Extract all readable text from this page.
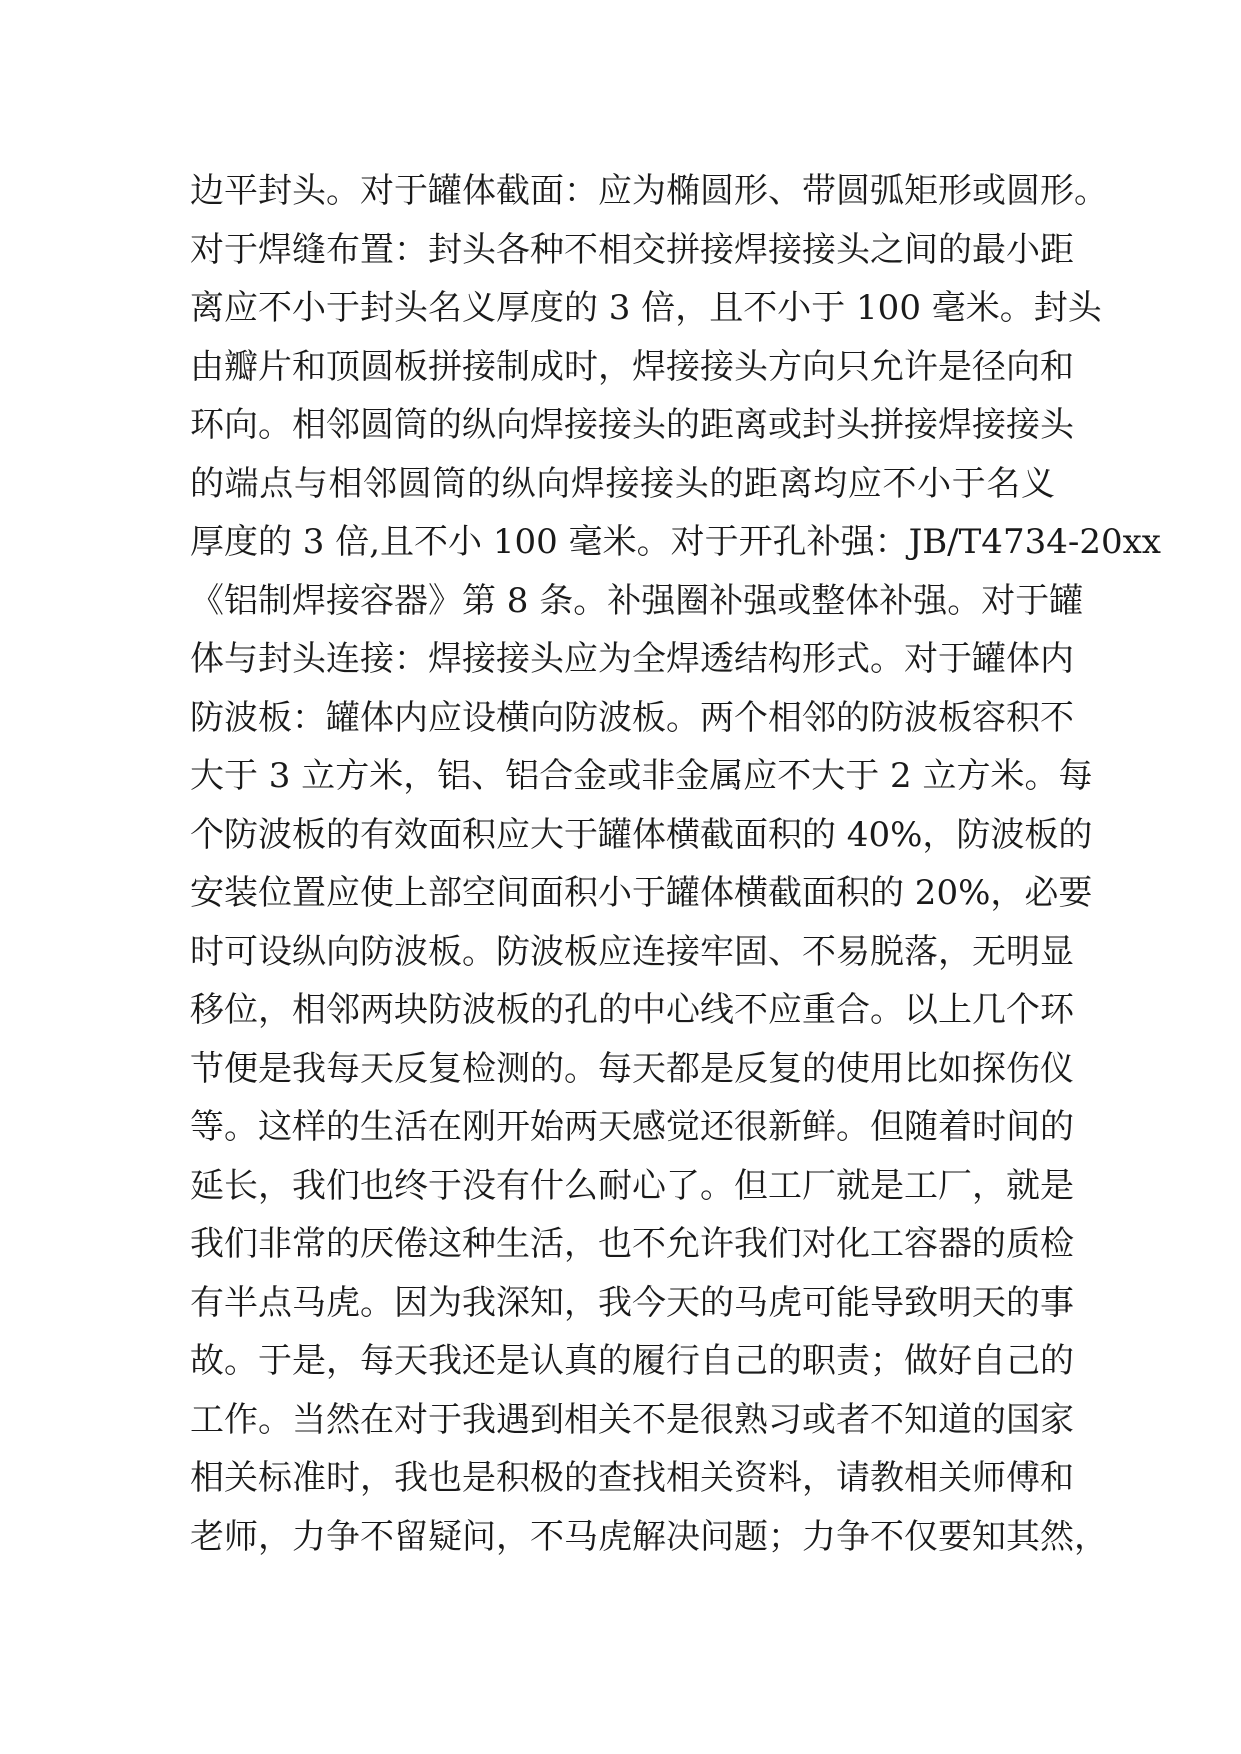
边平封头。对于罐体截面：应为椭圆形、带圆弧矩形或圆形。
对于焊缝布置：封头各种不相交拼接焊接接头之间的最小距
离应不小于封头名义厚度的 3 倍，且不小于 100 毫米。封头
由瓣片和顶圆板拼接制成时，焊接接头方向只允许是径向和
环向。相邻圆筒的纵向焊接接头的距离或封头拼接焊接接头
的端点与相邻圆筒的纵向焊接接头的距离均应不小于名义
厚度的 3 倍,且不小 100 毫米。对于开孔补强：JB/T4734-20xx
《铝制焊接容器》第 8 条。补强圈补强或整体补强。对于罐
体与封头连接：焊接接头应为全焊透结构形式。对于罐体内
防波板：罐体内应设横向防波板。两个相邻的防波板容积不
大于 3 立方米，铝、铝合金或非金属应不大于 2 立方米。每
个防波板的有效面积应大于罐体横截面积的 40%，防波板的
安装位置应使上部空间面积小于罐体横截面积的 20%，必要
时可设纵向防波板。防波板应连接牢固、不易脱落，无明显
移位，相邻两块防波板的孔的中心线不应重合。以上几个环
节便是我每天反复检测的。每天都是反复的使用比如探伤仪
等。这样的生活在刚开始两天感觉还很新鲜。但随着时间的
延长，我们也终于没有什么耐心了。但工厂就是工厂，就是
我们非常的厌倦这种生活，也不允许我们对化工容器的质检
有半点马虎。因为我深知，我今天的马虎可能导致明天的事
故。于是，每天我还是认真的履行自己的职责；做好自己的
工作。当然在对于我遇到相关不是很熟习或者不知道的国家
相关标准时，我也是积极的查找相关资料，请教相关师傅和
老师，力争不留疑问，不马虎解决问题；力争不仅要知其然，
